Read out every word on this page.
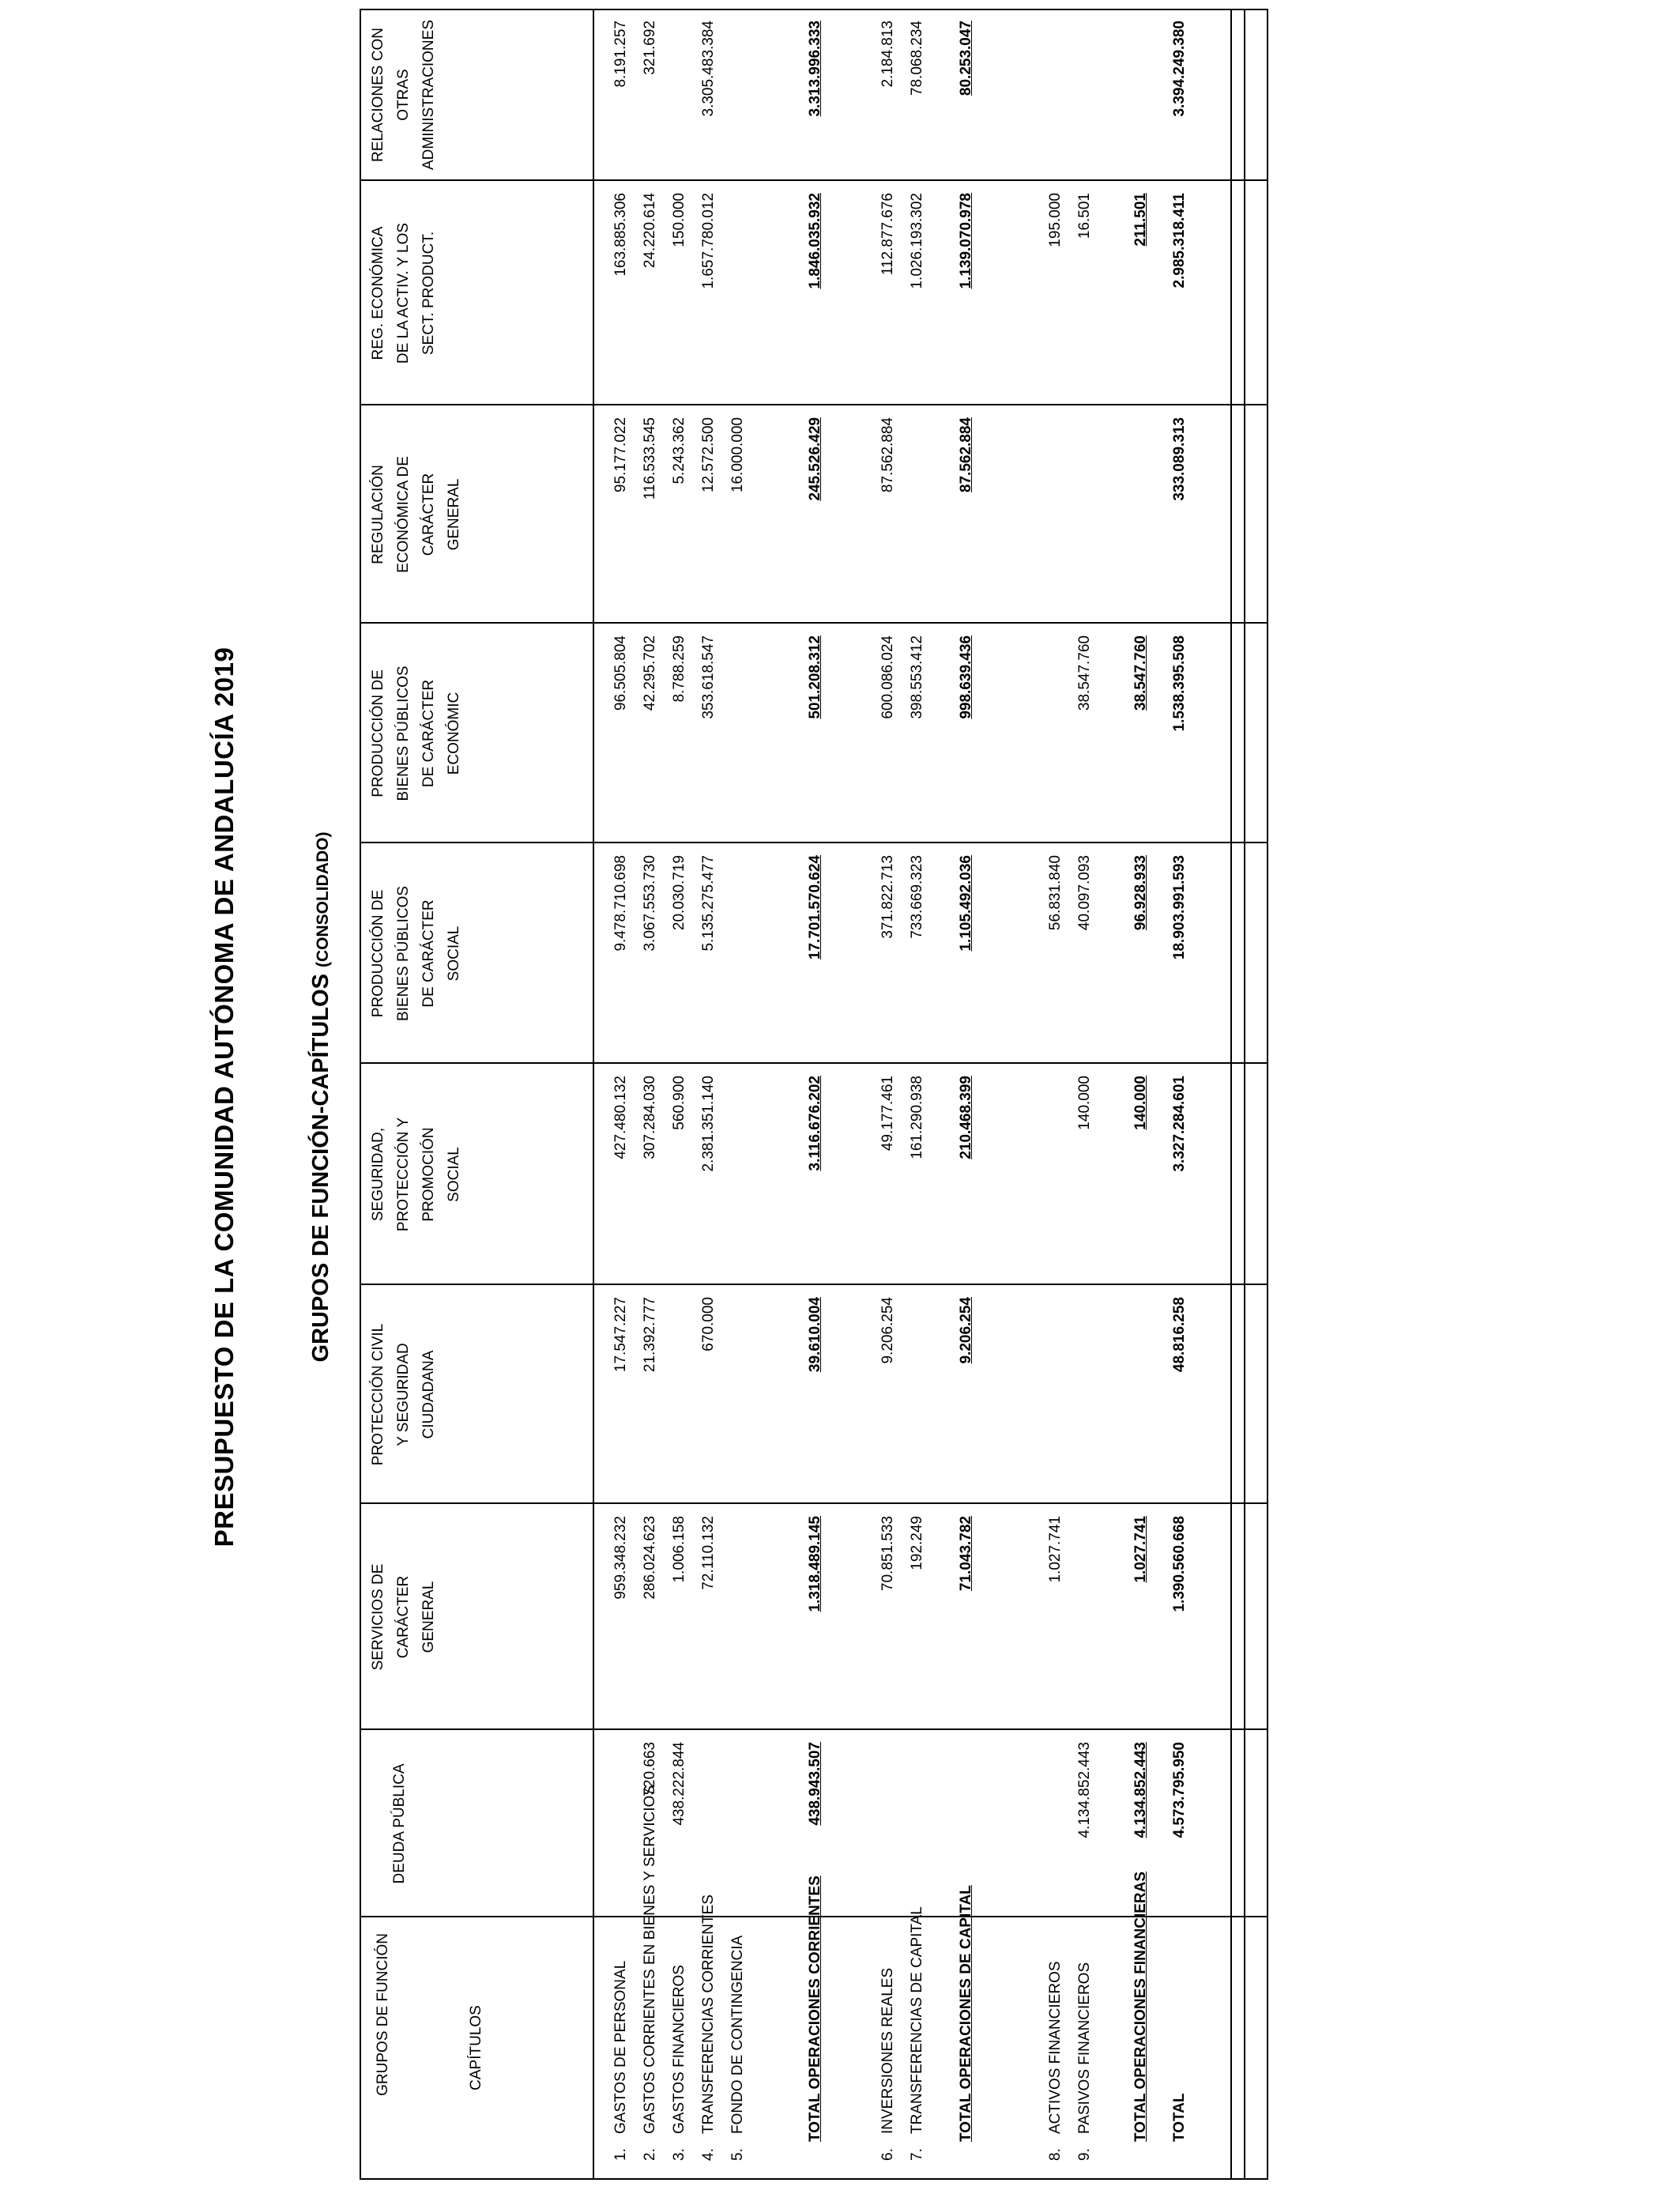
PRESUPUESTO DE LA COMUNIDAD AUTÓNOMA DE ANDALUCÍA 2019	GRUPOS DE FUNCIÓN-CAPÍTULOS (CONSOLIDADO)
GRUPOS DE FUNCIÓN	CAPÍTULOS
DEUDA PÚBLICA
SERVICIOS DE CARÁCTER GENERAL
PROTECCIÓN CIVIL Y SEGURIDAD CIUDADANA
SEGURIDAD, PROTECCIÓN Y PROMOCIÓN SOCIAL
PRODUCCIÓN DE BIENES PÚBLICOS DE CARÁCTER SOCIAL
PRODUCCIÓN DE BIENES PÚBLICOS DE CARÁCTER ECONÓMIC
REGULACIÓN ECONÓMICA DE CARÁCTER GENERAL
REG. ECONÓMICA DE LA ACTIV. Y LOS SECT. PRODUCT.
RELACIONES CON OTRAS ADMINISTRACIONES
1.GASTOS DE PERSONAL
959.348.232
17.547.227
427.480.132
9.478.710.698
96.505.804
95.177.022
163.885.306
8.191.257
2.GASTOS CORRIENTES EN BIENES Y SERVICIOS
720.663
286.024.623
21.392.777
307.284.030
3.067.553.730
42.295.702
116.533.545
24.220.614
321.692
3.GASTOS FINANCIEROS
438.222.844
1.006.158
560.900
20.030.719
8.788.259
5.243.362
150.000
4.TRANSFERENCIAS CORRIENTES
72.110.132
670.000
2.381.351.140
5.135.275.477
353.618.547
12.572.500
1.657.780.012
3.305.483.384
5.FONDO DE CONTINGENCIA
16.000.000
TOTAL OPERACIONES CORRIENTES
438.943.507
1.318.489.145
39.610.004
3.116.676.202
17.701.570.624
501.208.312
245.526.429
1.846.035.932
3.313.996.333
6.INVERSIONES REALES
70.851.533
9.206.254
49.177.461
371.822.713
600.086.024
87.562.884
112.877.676
2.184.813
7.TRANSFERENCIAS DE CAPITAL
192.249
161.290.938
733.669.323
398.553.412
1.026.193.302
78.068.234
TOTAL OPERACIONES DE CAPITAL
71.043.782
9.206.254
210.468.399
1.105.492.036
998.639.436
87.562.884
1.139.070.978
80.253.047
8.ACTIVOS FINANCIEROS
1.027.741
56.831.840
195.000
9.PASIVOS FINANCIEROS
4.134.852.443
140.000
40.097.093
38.547.760
16.501
TOTAL OPERACIONES FINANCIERAS
4.134.852.443
1.027.741
140.000
96.928.933
38.547.760
211.501
TOTAL
4.573.795.950
1.390.560.668
48.816.258
3.327.284.601
18.903.991.593
1.538.395.508
333.089.313
2.985.318.411
3.394.249.380
